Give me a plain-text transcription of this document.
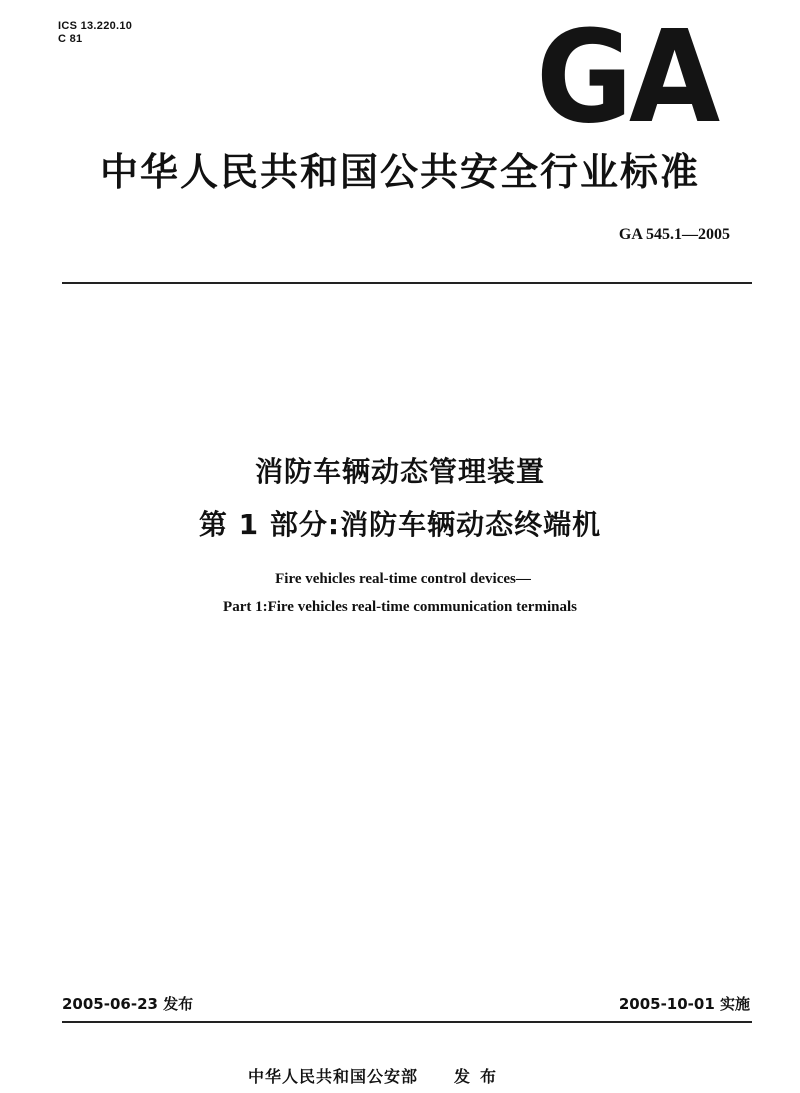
ICS 13.220.10
C 81	GA
中华人民共和国公共安全行业标准
GA 545.1—2005
消防车辆动态管理装置
第 1 部分:消防车辆动态终端机
Fire vehicles real-time control devices—
Part 1:Fire vehicles real-time communication terminals
2005-06-23 发布	2005-10-01 实施
中华人民共和国公安部 发布
